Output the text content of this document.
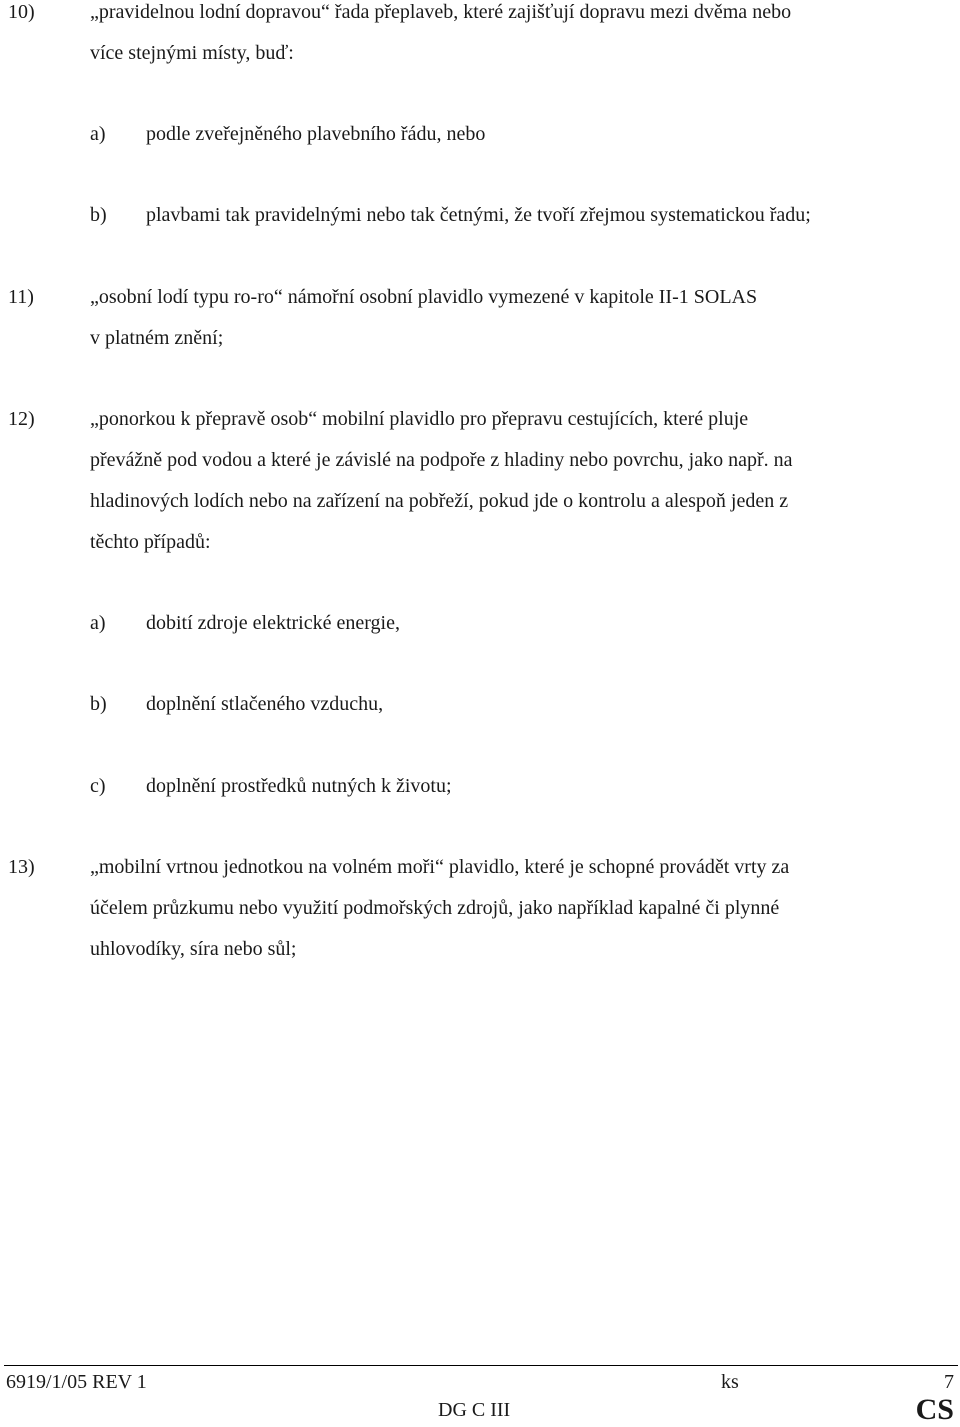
10)	„pravidelnou lodní dopravou“ řada přeplaveb, které zajišťují dopravu mezi dvěma nebo
více stejnými místy, buď:
a) podle zveřejněného plavebního řádu, nebo
b) plavbami tak pravidelnými nebo tak četnými, že tvoří zřejmou systematickou řadu;
11)	„osobní lodí typu ro-ro“ námořní osobní plavidlo vymezené v kapitole II-1 SOLAS
v platném znění;
12)	„ponorkou k přepravě osob“ mobilní plavidlo pro přepravu cestujících, které pluje
převážně pod vodou a které je závislé na podpoře z hladiny nebo povrchu, jako např. na
hladinových lodích nebo na zařízení na pobřeží, pokud jde o kontrolu a alespoň jeden z
těchto případů:
a) dobití zdroje elektrické energie,
b) doplnění stlačeného vzduchu,
c) doplnění prostředků nutných k životu;
13)	„mobilní vrtnou jednotkou na volném moři“ plavidlo, které je schopné provádět vrty za
účelem průzkumu nebo využití podmořských zdrojů, jako například kapalné či plynné
uhlovodíky, síra nebo sůl;
6919/1/05 REV 1	ks	7
DG C III	CS
